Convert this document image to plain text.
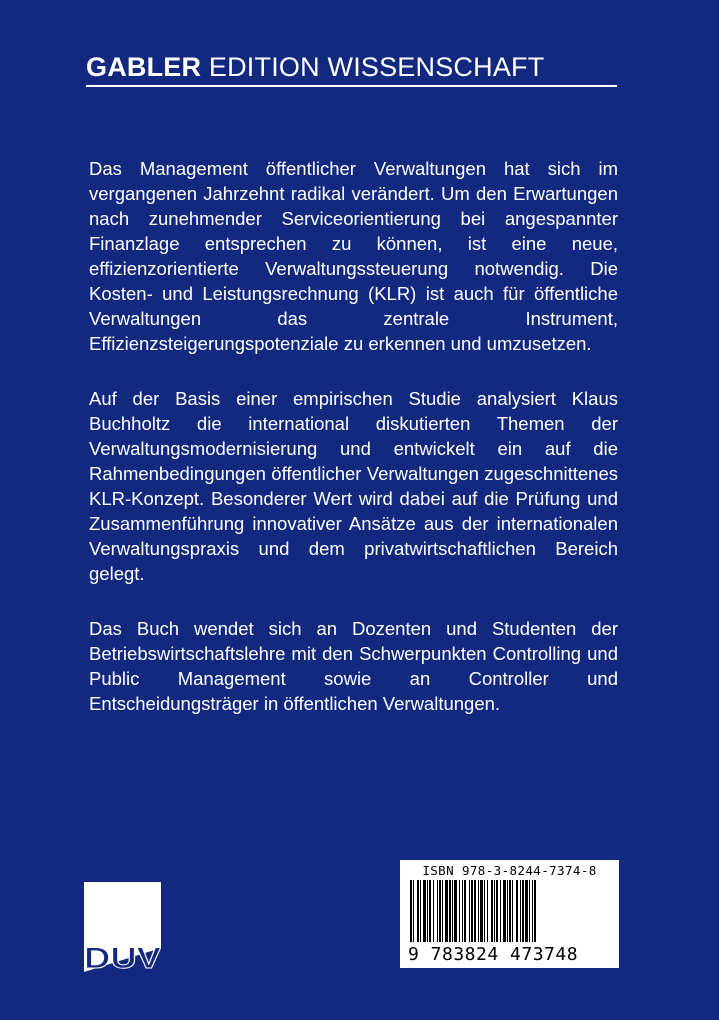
GABLER EDITION WISSENSCHAFT

Das Management öffentlicher Verwaltungen hat sich im vergangenen Jahrzehnt radikal verändert. Um den Erwartungen nach zunehmender Serviceorientierung bei angespannter Finanzlage entsprechen zu können, ist eine neue, effizienzorientierte Verwaltungssteuerung notwendig. Die Kosten- und Leistungsrechnung (KLR) ist auch für öffentliche Verwaltungen das zentrale Instrument, Effizienzsteigerungspotenziale zu erkennen und umzusetzen.

Auf der Basis einer empirischen Studie analysiert Klaus Buchholtz die international diskutierten Themen der Verwaltungsmodernisierung und entwickelt ein auf die Rahmenbedingungen öffentlicher Verwaltungen zugeschnittenes KLR-Konzept. Besonderer Wert wird dabei auf die Prüfung und Zusammenführung innovativer Ansätze aus der internationalen Verwaltungspraxis und dem privatwirtschaftlichen Bereich gelegt.

Das Buch wendet sich an Dozenten und Studenten der Betriebswirtschaftslehre mit den Schwerpunkten Controlling und Public Management sowie an Controller und Entscheidungsträger in öffentlichen Verwaltungen.

DUV
ISBN 978-3-8244-7374-8
9 783824 473748
